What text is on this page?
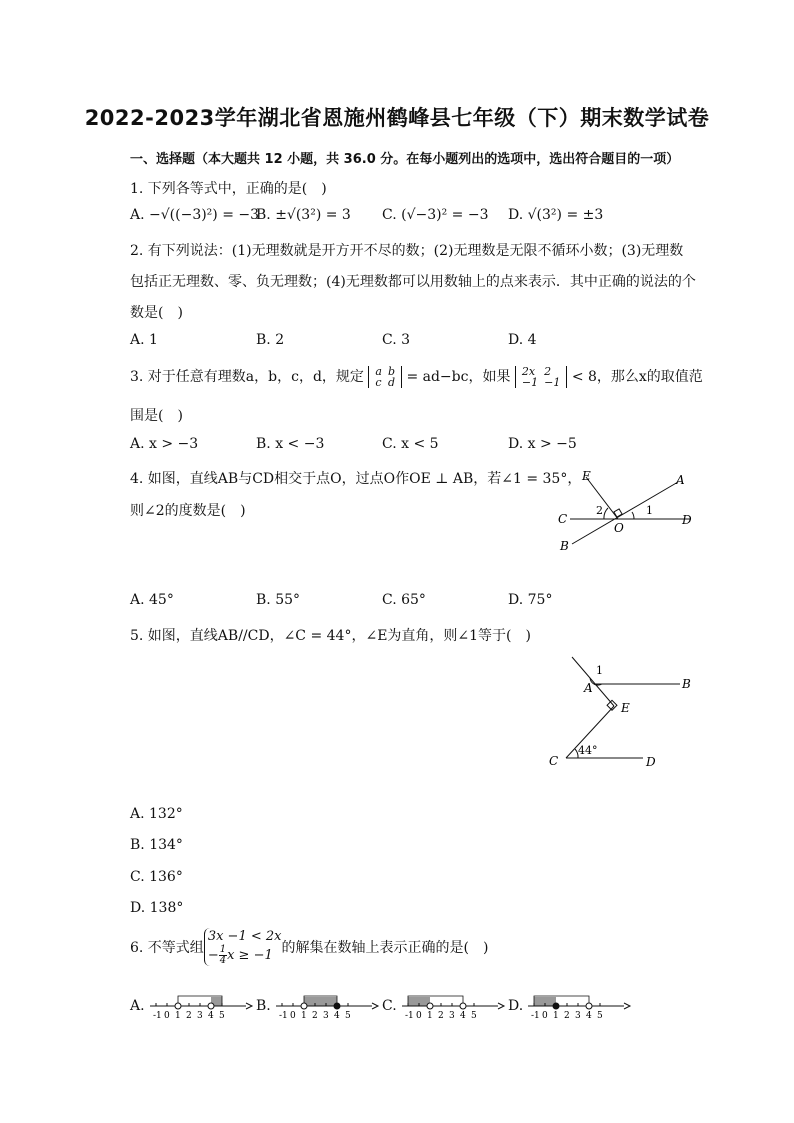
2022-2023学年湖北省恩施州鹤峰县七年级（下）期末数学试卷
一、选择题（本大题共 12 小题，共 36.0 分。在每小题列出的选项中，选出符合题目的一项）
1. 下列各等式中，正确的是(　)
A. −√((−3)²) = −3
B. ±√(3²) = 3 C. (√−3)² = −3 D. √(3²) = ±3
2. 有下列说法：(1)无理数就是开方开不尽的数；(2)无理数是无限不循环小数；(3)无理数
包括正无理数、零、负无理数；(4)无理数都可以用数轴上的点来表示．其中正确的说法的个
数是(　)
A. 1	B. 2	C. 3	D. 4
3. 对于任意有理数a，b，c，d，规定 a	b
c	d = ad−bc，如果 2x	2
−1	−1 < 8，那么x的取值范
围是(　)
A. x > −3	B. x < −3	C. x < 5	D. x > −5
4. 如图，直线AB与CD相交于点O，过点O作OE ⊥ AB，若∠1 = 35°，
则∠2的度数是(　)
E	A
C	D
B
O
2	1
A. 45°	B. 55°	C. 65°	D. 75°
5. 如图，直线AB//CD，∠C = 44°，∠E为直角，则∠1等于(　)
1
A	B
E
C	D
44°
A. 132°
B. 134°
C. 136°
D. 138°
6. 不等式组
3x −1 < 2x
− $\frac{1}{4}$ x ≥ −1 的解集在数轴上表示正确的是(　)
A.
-1 0 1 2 3 4 5
B.
-1 0 1 2 3 4 5
C.
-1 0 1 2 3 4 5
D.
-1 0 1 2 3 4 5
